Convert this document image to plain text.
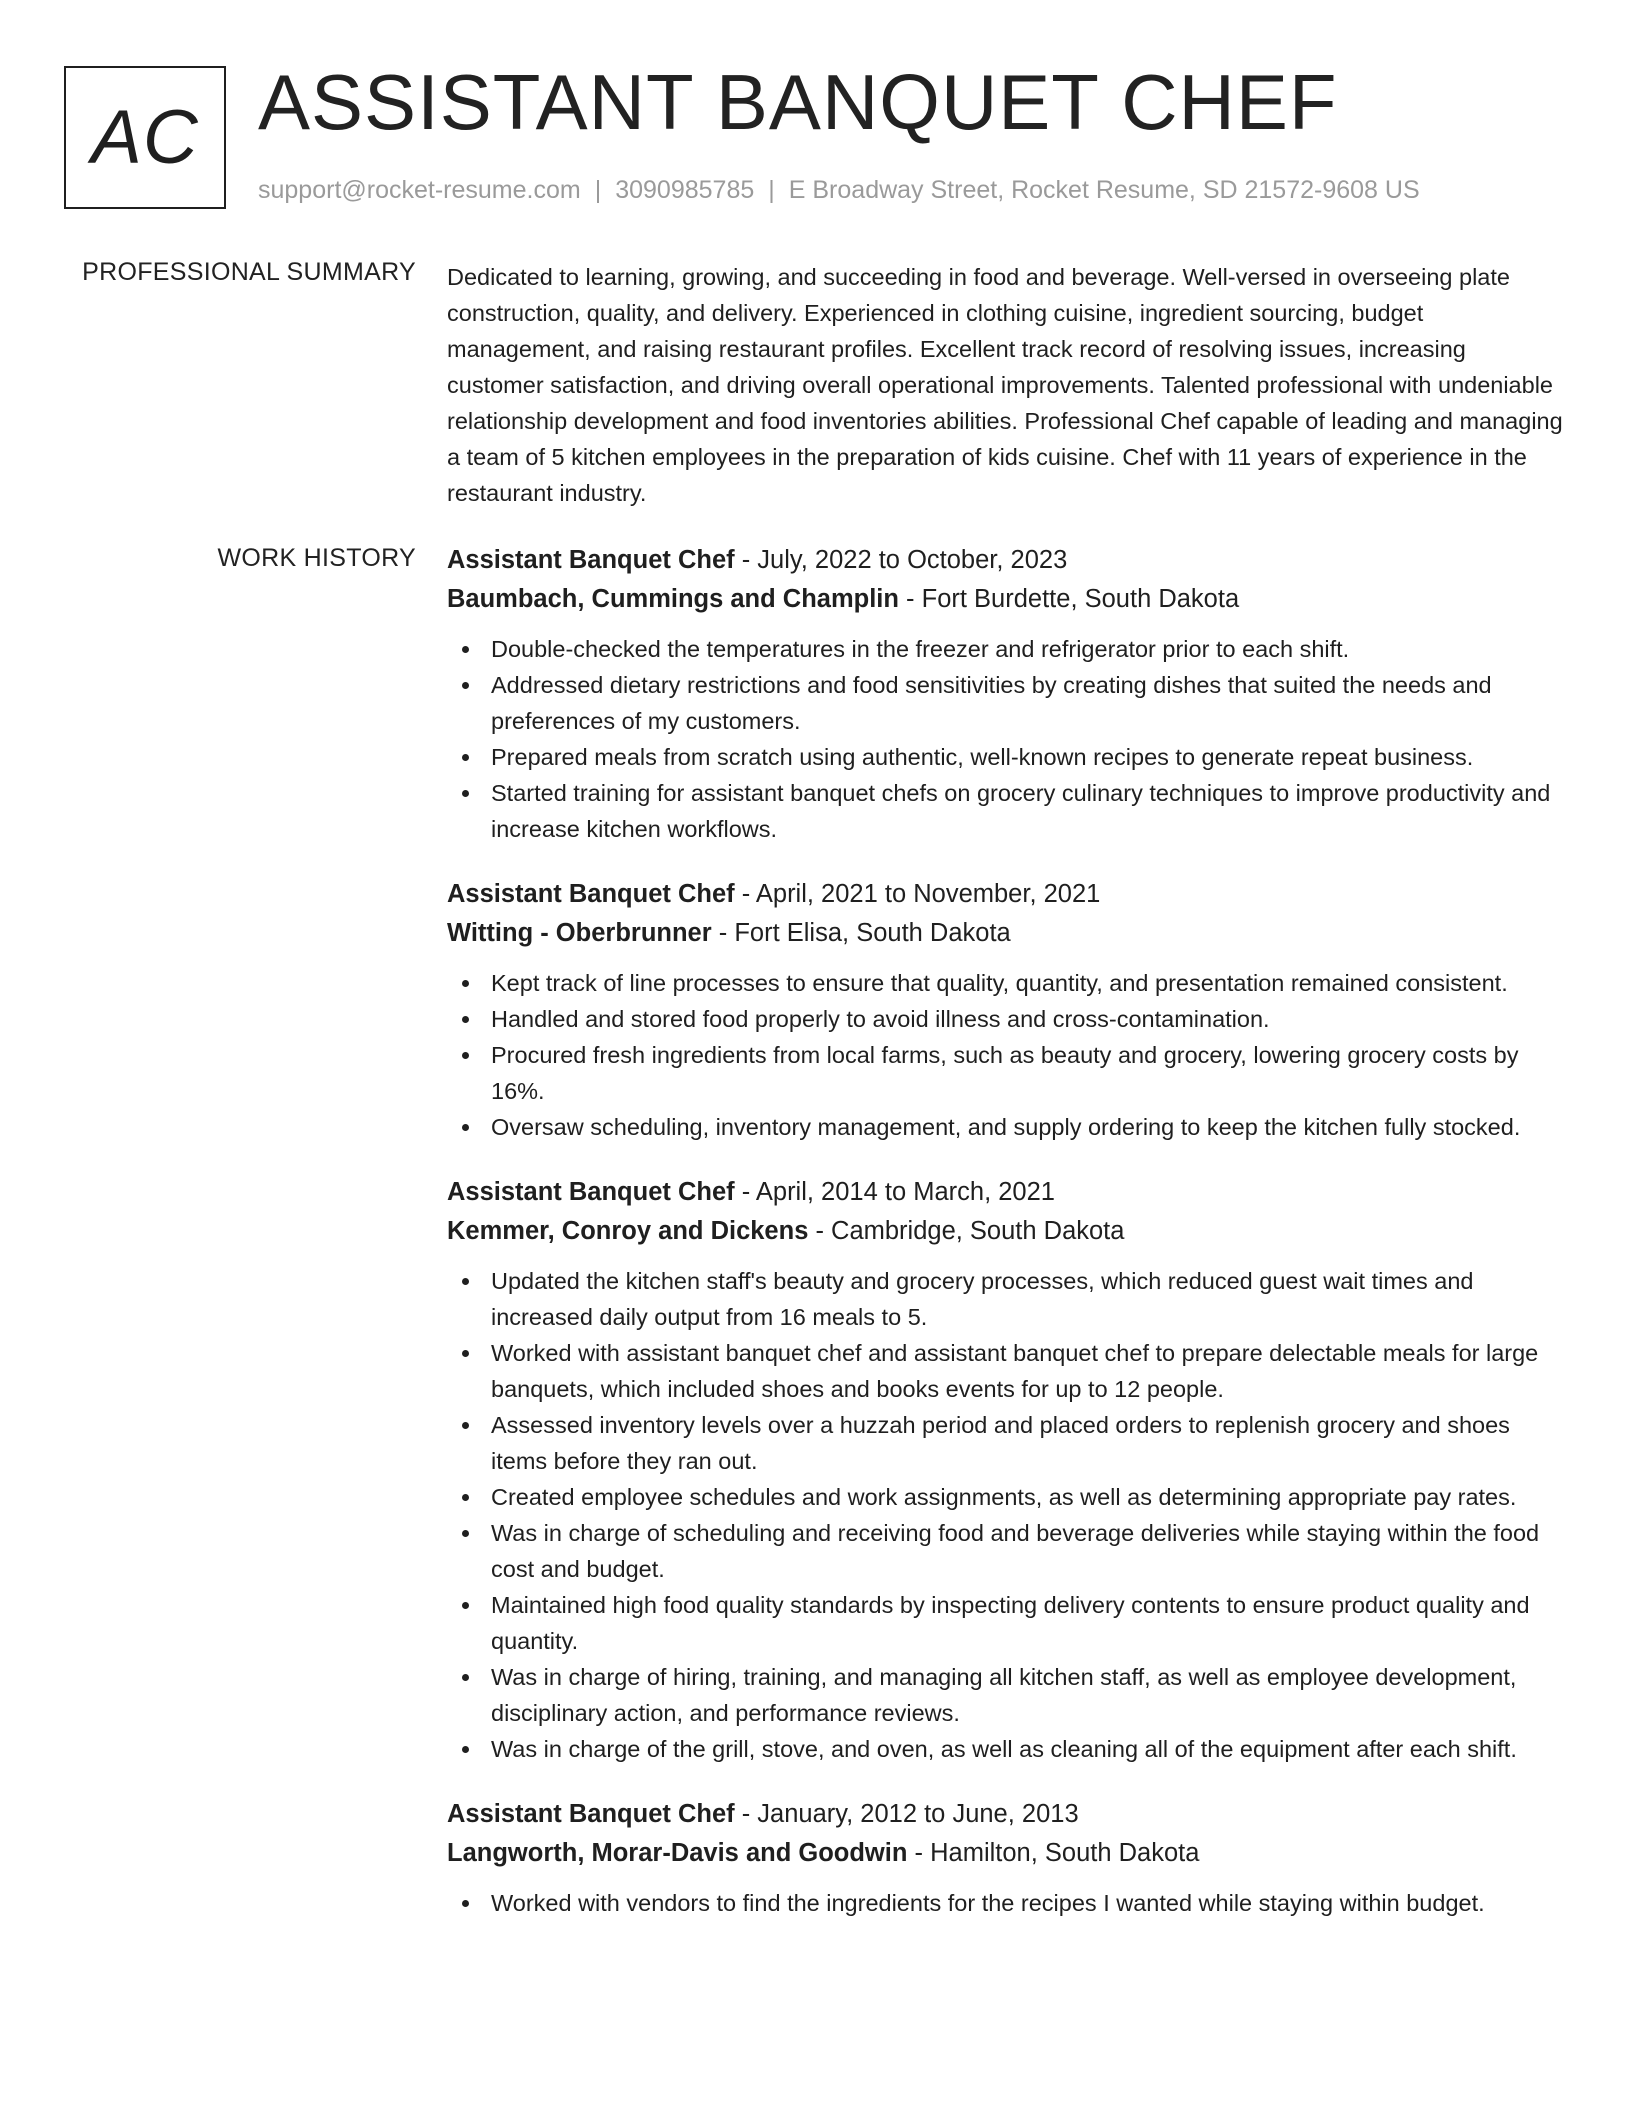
AC ASSISTANT BANQUET CHEF
support@rocket-resume.com | 3090985785 | E Broadway Street, Rocket Resume, SD 21572-9608 US
PROFESSIONAL SUMMARY Dedicated to learning, growing, and succeeding in food and beverage. Well-versed in overseeing plate construction, quality, and delivery. Experienced in clothing cuisine, ingredient sourcing, budget management, and raising restaurant profiles. Excellent track record of resolving issues, increasing customer satisfaction, and driving overall operational improvements. Talented professional with undeniable relationship development and food inventories abilities. Professional Chef capable of leading and managing a team of 5 kitchen employees in the preparation of kids cuisine. Chef with 11 years of experience in the restaurant industry.
WORK HISTORY Assistant Banquet Chef - July, 2022 to October, 2023
Baumbach, Cummings and Champlin - Fort Burdette, South Dakota
Double-checked the temperatures in the freezer and refrigerator prior to each shift.
Addressed dietary restrictions and food sensitivities by creating dishes that suited the needs and preferences of my customers.
Prepared meals from scratch using authentic, well-known recipes to generate repeat business.
Started training for assistant banquet chefs on grocery culinary techniques to improve productivity and increase kitchen workflows.
Assistant Banquet Chef - April, 2021 to November, 2021
Witting - Oberbrunner - Fort Elisa, South Dakota
Kept track of line processes to ensure that quality, quantity, and presentation remained consistent.
Handled and stored food properly to avoid illness and cross-contamination.
Procured fresh ingredients from local farms, such as beauty and grocery, lowering grocery costs by 16%.
Oversaw scheduling, inventory management, and supply ordering to keep the kitchen fully stocked.
Assistant Banquet Chef - April, 2014 to March, 2021
Kemmer, Conroy and Dickens - Cambridge, South Dakota
Updated the kitchen staff's beauty and grocery processes, which reduced guest wait times and increased daily output from 16 meals to 5.
Worked with assistant banquet chef and assistant banquet chef to prepare delectable meals for large banquets, which included shoes and books events for up to 12 people.
Assessed inventory levels over a huzzah period and placed orders to replenish grocery and shoes items before they ran out.
Created employee schedules and work assignments, as well as determining appropriate pay rates.
Was in charge of scheduling and receiving food and beverage deliveries while staying within the food cost and budget.
Maintained high food quality standards by inspecting delivery contents to ensure product quality and quantity.
Was in charge of hiring, training, and managing all kitchen staff, as well as employee development, disciplinary action, and performance reviews.
Was in charge of the grill, stove, and oven, as well as cleaning all of the equipment after each shift.
Assistant Banquet Chef - January, 2012 to June, 2013
Langworth, Morar-Davis and Goodwin - Hamilton, South Dakota
Worked with vendors to find the ingredients for the recipes I wanted while staying within budget.
